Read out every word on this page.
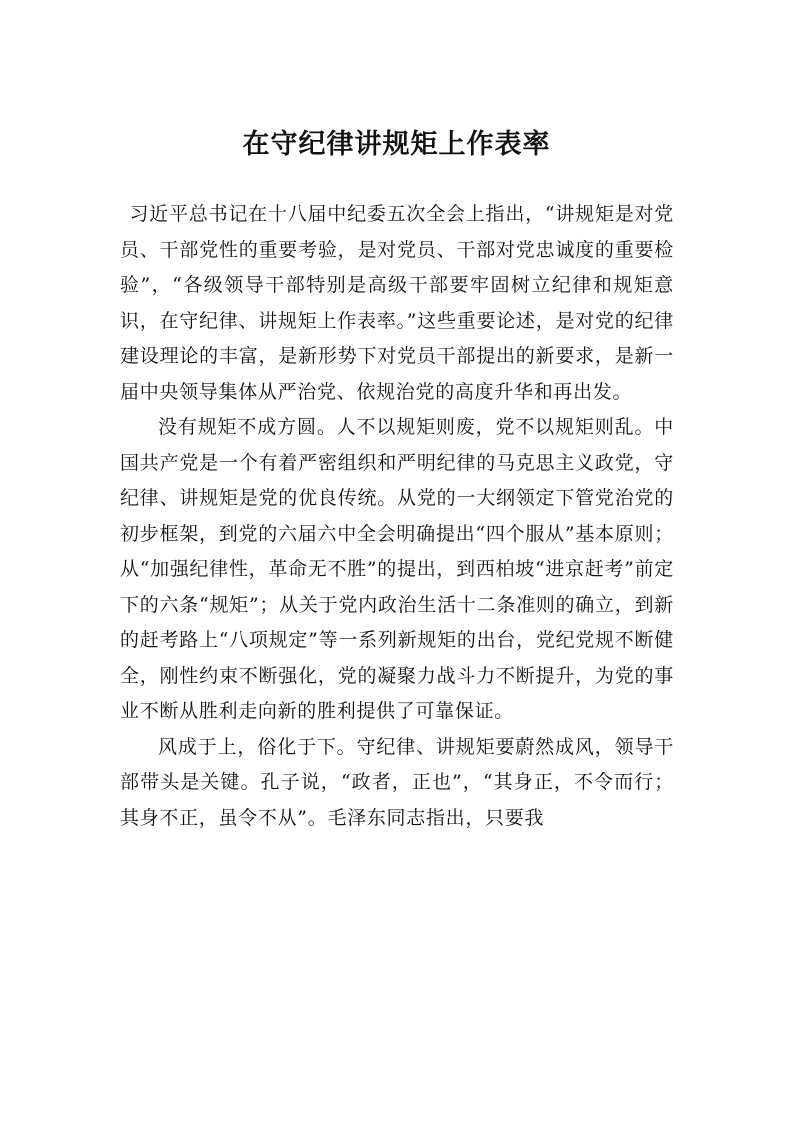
在守纪律讲规矩上作表率

习近平总书记在十八届中纪委五次全会上指出，“讲规矩是对党员、干部党性的重要考验，是对党员、干部对党忠诚度的重要检验”，“各级领导干部特别是高级干部要牢固树立纪律和规矩意识，在守纪律、讲规矩上作表率。”这些重要论述，是对党的纪律建设理论的丰富，是新形势下对党员干部提出的新要求，是新一届中央领导集体从严治党、依规治党的高度升华和再出发。

没有规矩不成方圆。人不以规矩则废，党不以规矩则乱。中国共产党是一个有着严密组织和严明纪律的马克思主义政党，守纪律、讲规矩是党的优良传统。从党的一大纲领定下管党治党的初步框架，到党的六届六中全会明确提出“四个服从”基本原则；从“加强纪律性，革命无不胜”的提出，到西柏坡“进京赶考”前定下的六条“规矩”；从关于党内政治生活十二条准则的确立，到新的赶考路上“八项规定”等一系列新规矩的出台，党纪党规不断健全，刚性约束不断强化，党的凝聚力战斗力不断提升，为党的事业不断从胜利走向新的胜利提供了可靠保证。

风成于上，俗化于下。守纪律、讲规矩要蔚然成风，领导干部带头是关键。孔子说，“政者，正也”，“其身正，不令而行；其身不正，虽令不从”。毛泽东同志指出，只要我
